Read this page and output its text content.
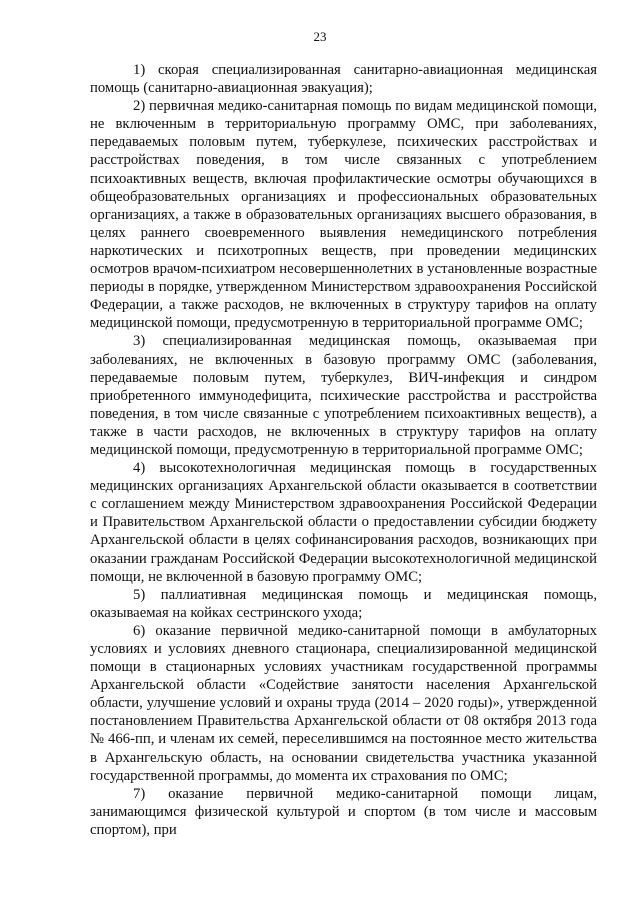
23

1) скорая специализированная санитарно-авиационная медицинская помощь (санитарно-авиационная эвакуация);

2) первичная медико-санитарная помощь по видам медицинской помощи, не включенным в территориальную программу ОМС, при заболеваниях, передаваемых половым путем, туберкулезе, психических расстройствах и расстройствах поведения, в том числе связанных с употреблением психоактивных веществ, включая профилактические осмотры обучающихся в общеобразовательных организациях и профессиональных образовательных организациях, а также в образовательных организациях высшего образования, в целях раннего своевременного выявления немедицинского потребления наркотических и психотропных веществ, при проведении медицинских осмотров врачом-психиатром несовершеннолетних в установленные возрастные периоды в порядке, утвержденном Министерством здравоохранения Российской Федерации, а также расходов, не включенных в структуру тарифов на оплату медицинской помощи, предусмотренную в территориальной программе ОМС;

3) специализированная медицинская помощь, оказываемая при заболеваниях, не включенных в базовую программу ОМС (заболевания, передаваемые половым путем, туберкулез, ВИЧ-инфекция и синдром приобретенного иммунодефицита, психические расстройства и расстройства поведения, в том числе связанные с употреблением психоактивных веществ), а также в части расходов, не включенных в структуру тарифов на оплату медицинской помощи, предусмотренную в территориальной программе ОМС;

4) высокотехнологичная медицинская помощь в государственных медицинских организациях Архангельской области оказывается в соответствии с соглашением между Министерством здравоохранения Российской Федерации и Правительством Архангельской области о предоставлении субсидии бюджету Архангельской области в целях софинансирования расходов, возникающих при оказании гражданам Российской Федерации высокотехнологичной медицинской помощи, не включенной в базовую программу ОМС;

5) паллиативная медицинская помощь и медицинская помощь, оказываемая на койках сестринского ухода;

6) оказание первичной медико-санитарной помощи в амбулаторных условиях и условиях дневного стационара, специализированной медицинской помощи в стационарных условиях участникам государственной программы Архангельской области «Содействие занятости населения Архангельской области, улучшение условий и охраны труда (2014 – 2020 годы)», утвержденной постановлением Правительства Архангельской области от 08 октября 2013 года № 466-пп, и членам их семей, переселившимся на постоянное место жительства в Архангельскую область, на основании свидетельства участника указанной государственной программы, до момента их страхования по ОМС;

7) оказание первичной медико-санитарной помощи лицам, занимающимся физической культурой и спортом (в том числе и массовым спортом), при
